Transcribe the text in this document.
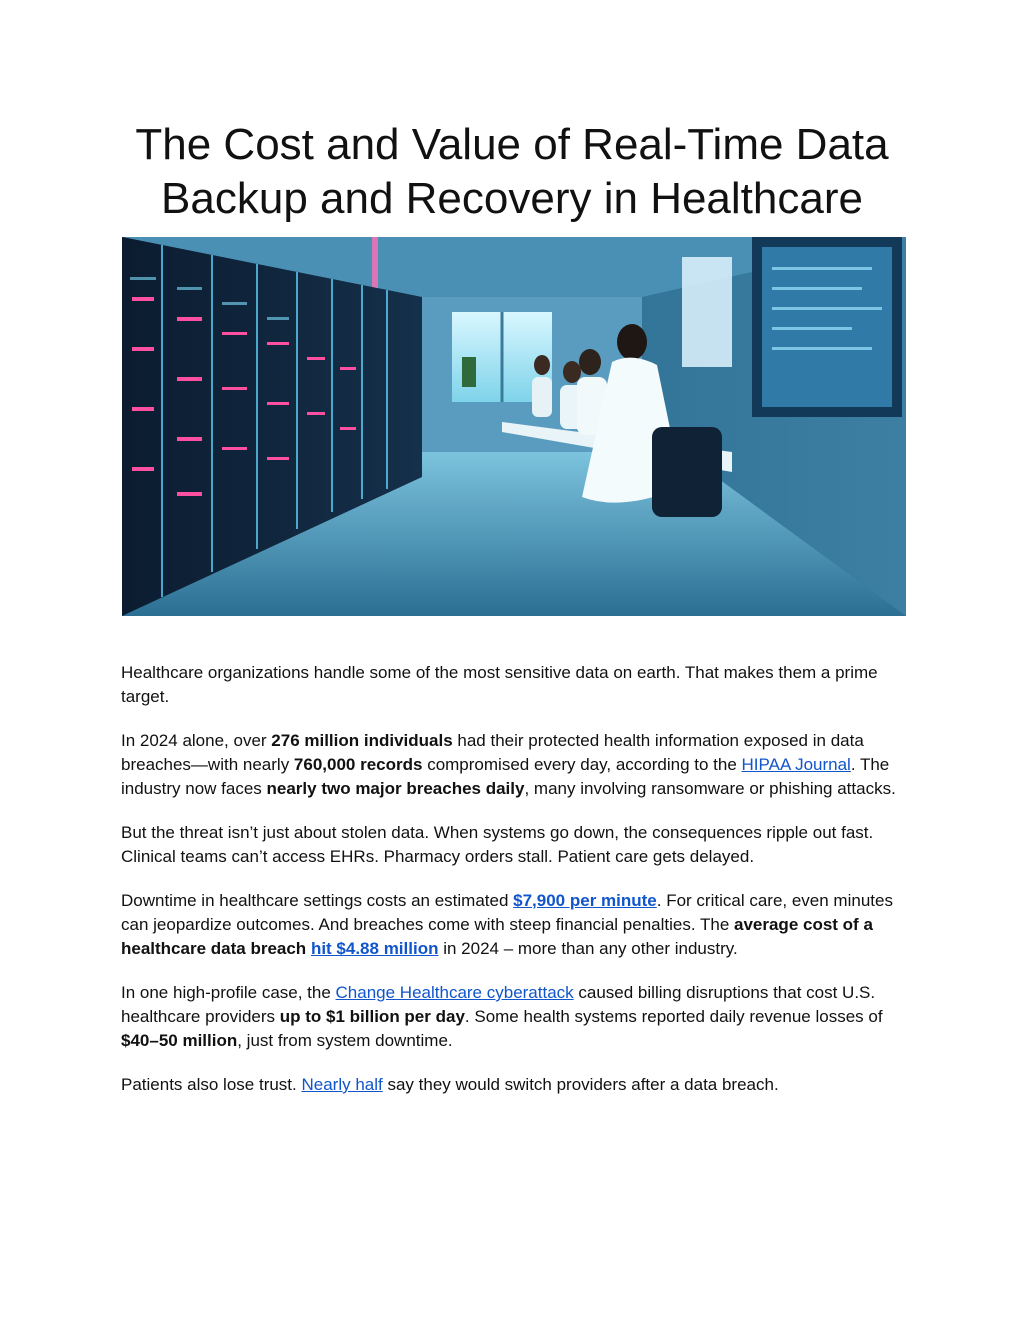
The Cost and Value of Real-Time Data
Backup and Recovery in Healthcare

Healthcare organizations handle some of the most sensitive data on earth. That makes them a prime target.

In 2024 alone, over 276 million individuals had their protected health information exposed in data breaches—with nearly 760,000 records compromised every day, according to the HIPAA Journal. The industry now faces nearly two major breaches daily, many involving ransomware or phishing attacks.

But the threat isn’t just about stolen data. When systems go down, the consequences ripple out fast. Clinical teams can’t access EHRs. Pharmacy orders stall. Patient care gets delayed.

Downtime in healthcare settings costs an estimated $7,900 per minute. For critical care, even minutes can jeopardize outcomes. And breaches come with steep financial penalties. The average cost of a healthcare data breach hit $4.88 million in 2024 – more than any other industry.

In one high-profile case, the Change Healthcare cyberattack caused billing disruptions that cost U.S. healthcare providers up to $1 billion per day. Some health systems reported daily revenue losses of $40–50 million, just from system downtime.

Patients also lose trust. Nearly half say they would switch providers after a data breach.
